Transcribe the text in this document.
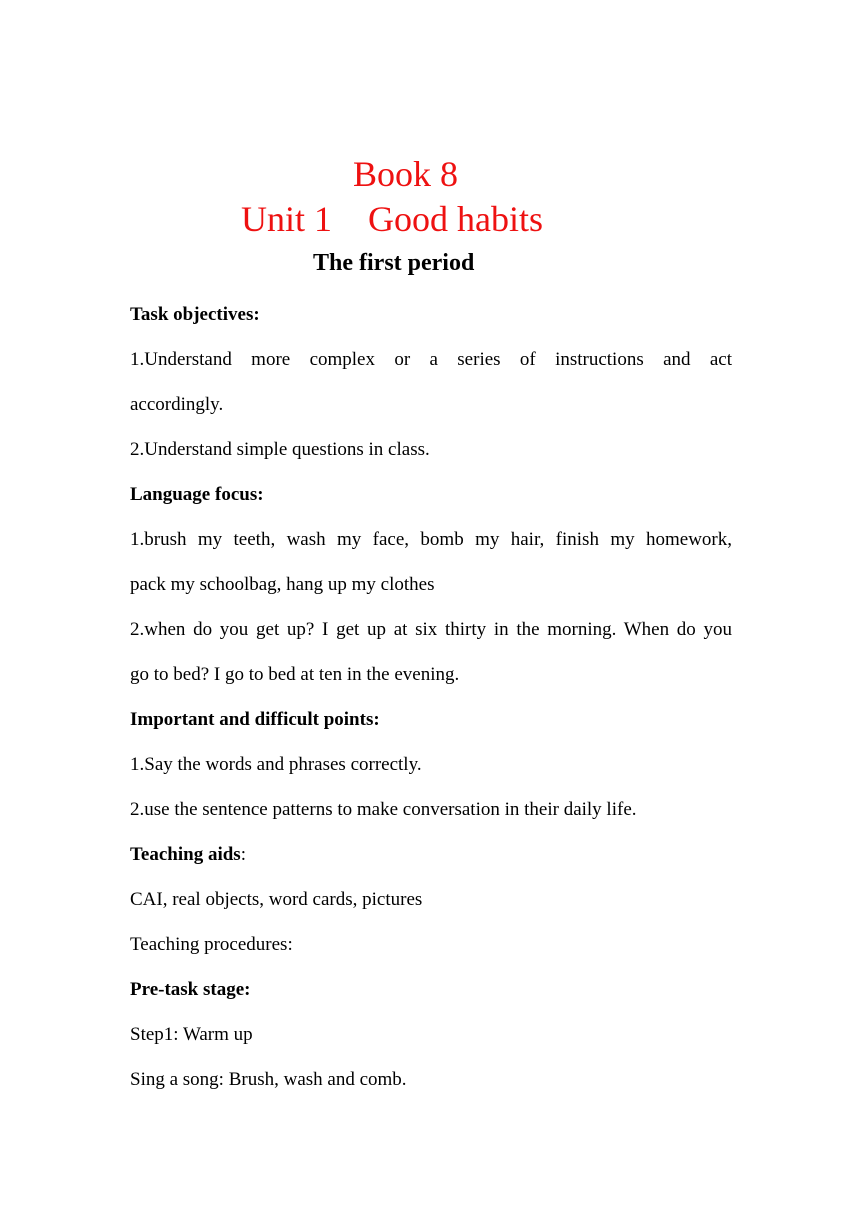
Book 8
Unit 1    Good habits
The first period
Task objectives:
1.Understand more complex or a series of instructions and act
accordingly.
2.Understand simple questions in class.
Language focus:
1.brush my teeth, wash my face, bomb my hair, finish my homework,
pack my schoolbag, hang up my clothes
2.when do you get up? I get up at six thirty in the morning. When do you
go to bed? I go to bed at ten in the evening.
Important and difficult points:
1.Say the words and phrases correctly.
2.use the sentence patterns to make conversation in their daily life.
Teaching aids:
CAI, real objects, word cards, pictures
Teaching procedures:
Pre-task stage:
Step1: Warm up
Sing a song: Brush, wash and comb.
